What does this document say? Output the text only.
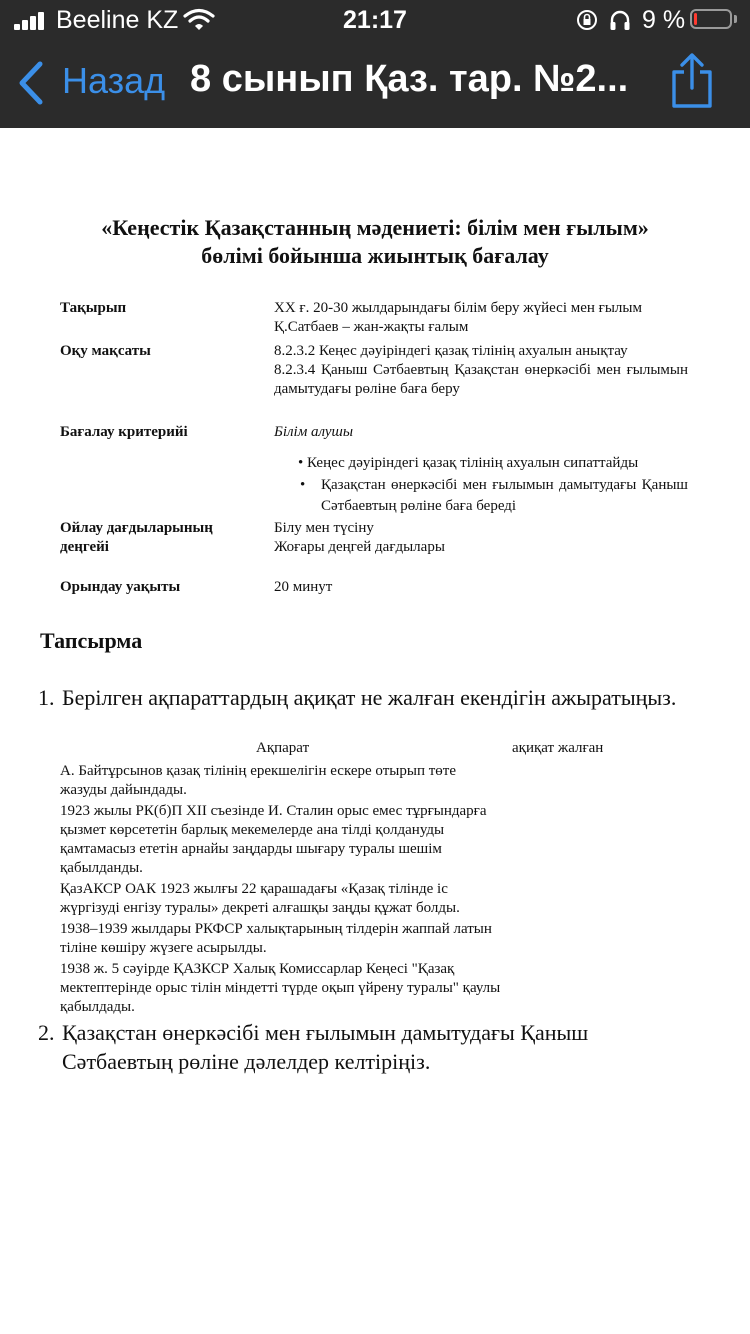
Beeline KZ	21:17	9 %
Назад 8 сынып Қаз. тар. №2...
«Кеңестік Қазақстанның мәдениеті: білім мен ғылым»
бөлімі бойынша жиынтық бағалау
Тақырып	XX ғ. 20-30 жылдарындағы білім беру жүйесі мен ғылым
Қ.Сатбаев – жан-жақты ғалым
Оқу мақсаты	8.2.3.2 Кеңес дәуіріндегі қазақ тілінің ахуалын анықтау
8.2.3.4 Қаныш Сәтбаевтың Қазақстан өнеркәсібі мен ғылымын дамытудағы рөліне баға беру
Бағалау критерийі	Білім алушы
• Кеңес дәуіріндегі қазақ тілінің ахуалын сипаттайды
• Қазақстан өнеркәсібі мен ғылымын дамытудағы Қаныш Сәтбаевтың рөліне баға береді
Ойлау дағдыларының
деңгейі
Білу мен түсіну
Жоғары деңгей дағдылары
Орындау уақыты	20 минут
Тапсырма
1. Берілген ақпараттардың ақиқат не жалған екендігін ажыратыңыз.
Ақпарат	ақиқат жалған
А. Байтұрсынов қазақ тілінің ерекшелігін ескере отырып төте жазуды дайындады.
1923 жылы РК(б)П XII съезінде И. Сталин орыс емес тұрғындарға қызмет көрсететін барлық мекемелерде ана тілді қолдануды қамтамасыз ететін арнайы заңдарды шығару туралы шешім қабылданды.
ҚазАКСР ОАК 1923 жылғы 22 қарашадағы «Қазақ тілінде іс жүргізуді енгізу туралы» декреті алғашқы заңды құжат болды.
1938–1939 жылдары РКФСР халықтарының тілдерін жаппай латын тіліне көшіру жүзеге асырылды.
1938 ж. 5 сәуірде ҚАЗКСР Халық Комиссарлар Кеңесі "Қазақ мектептерінде орыс тілін міндетті түрде оқып үйрену туралы" қаулы қабылдады.
2. Қазақстан өнеркәсібі мен ғылымын дамытудағы Қаныш Сәтбаевтың рөліне дәлелдер келтіріңіз.
